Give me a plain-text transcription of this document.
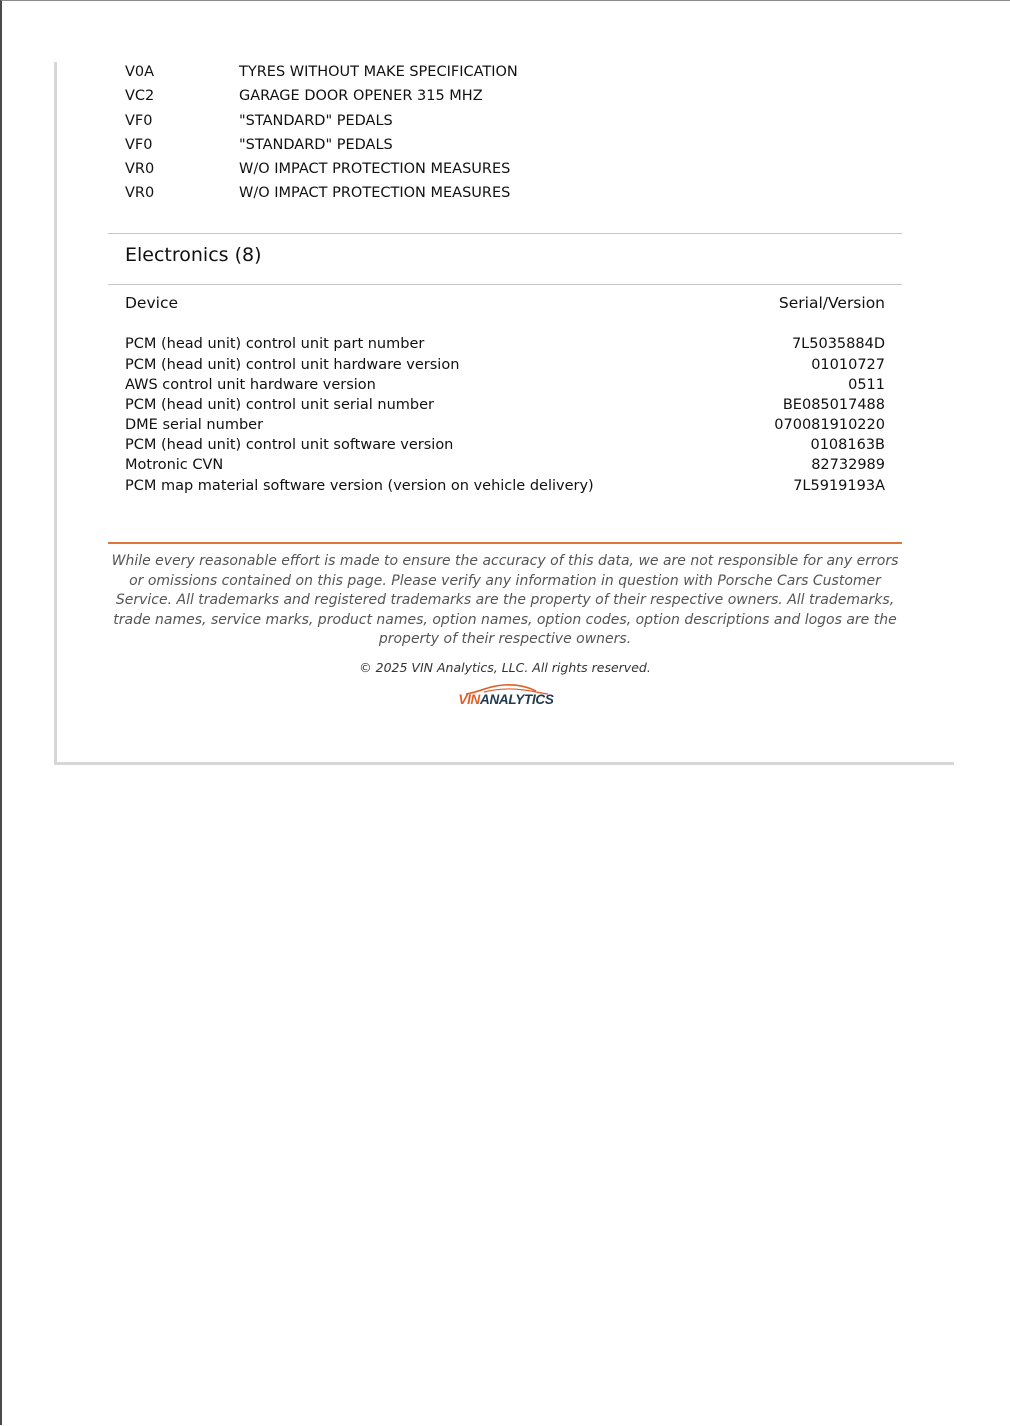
V0A	TYRES WITHOUT MAKE SPECIFICATION
VC2	GARAGE DOOR OPENER 315 MHZ
VF0	"STANDARD" PEDALS
VF0	"STANDARD" PEDALS
VR0	W/O IMPACT PROTECTION MEASURES
VR0	W/O IMPACT PROTECTION MEASURES
Electronics (8)
Device	Serial/Version
PCM (head unit) control unit part number	7L5035884D
PCM (head unit) control unit hardware version	01010727
AWS control unit hardware version	0511
PCM (head unit) control unit serial number	BE085017488
DME serial number	070081910220
PCM (head unit) control unit software version	0108163B
Motronic CVN	82732989
PCM map material software version (version on vehicle delivery)	7L5919193A

While every reasonable effort is made to ensure the accuracy of this data, we are not responsible for any errors or omissions contained on this page. Please verify any information in question with Porsche Cars Customer Service. All trademarks and registered trademarks are the property of their respective owners. All trademarks, trade names, service marks, product names, option names, option codes, option descriptions and logos are the property of their respective owners.

© 2025 VIN Analytics, LLC. All rights reserved.
VINANALYTICS
